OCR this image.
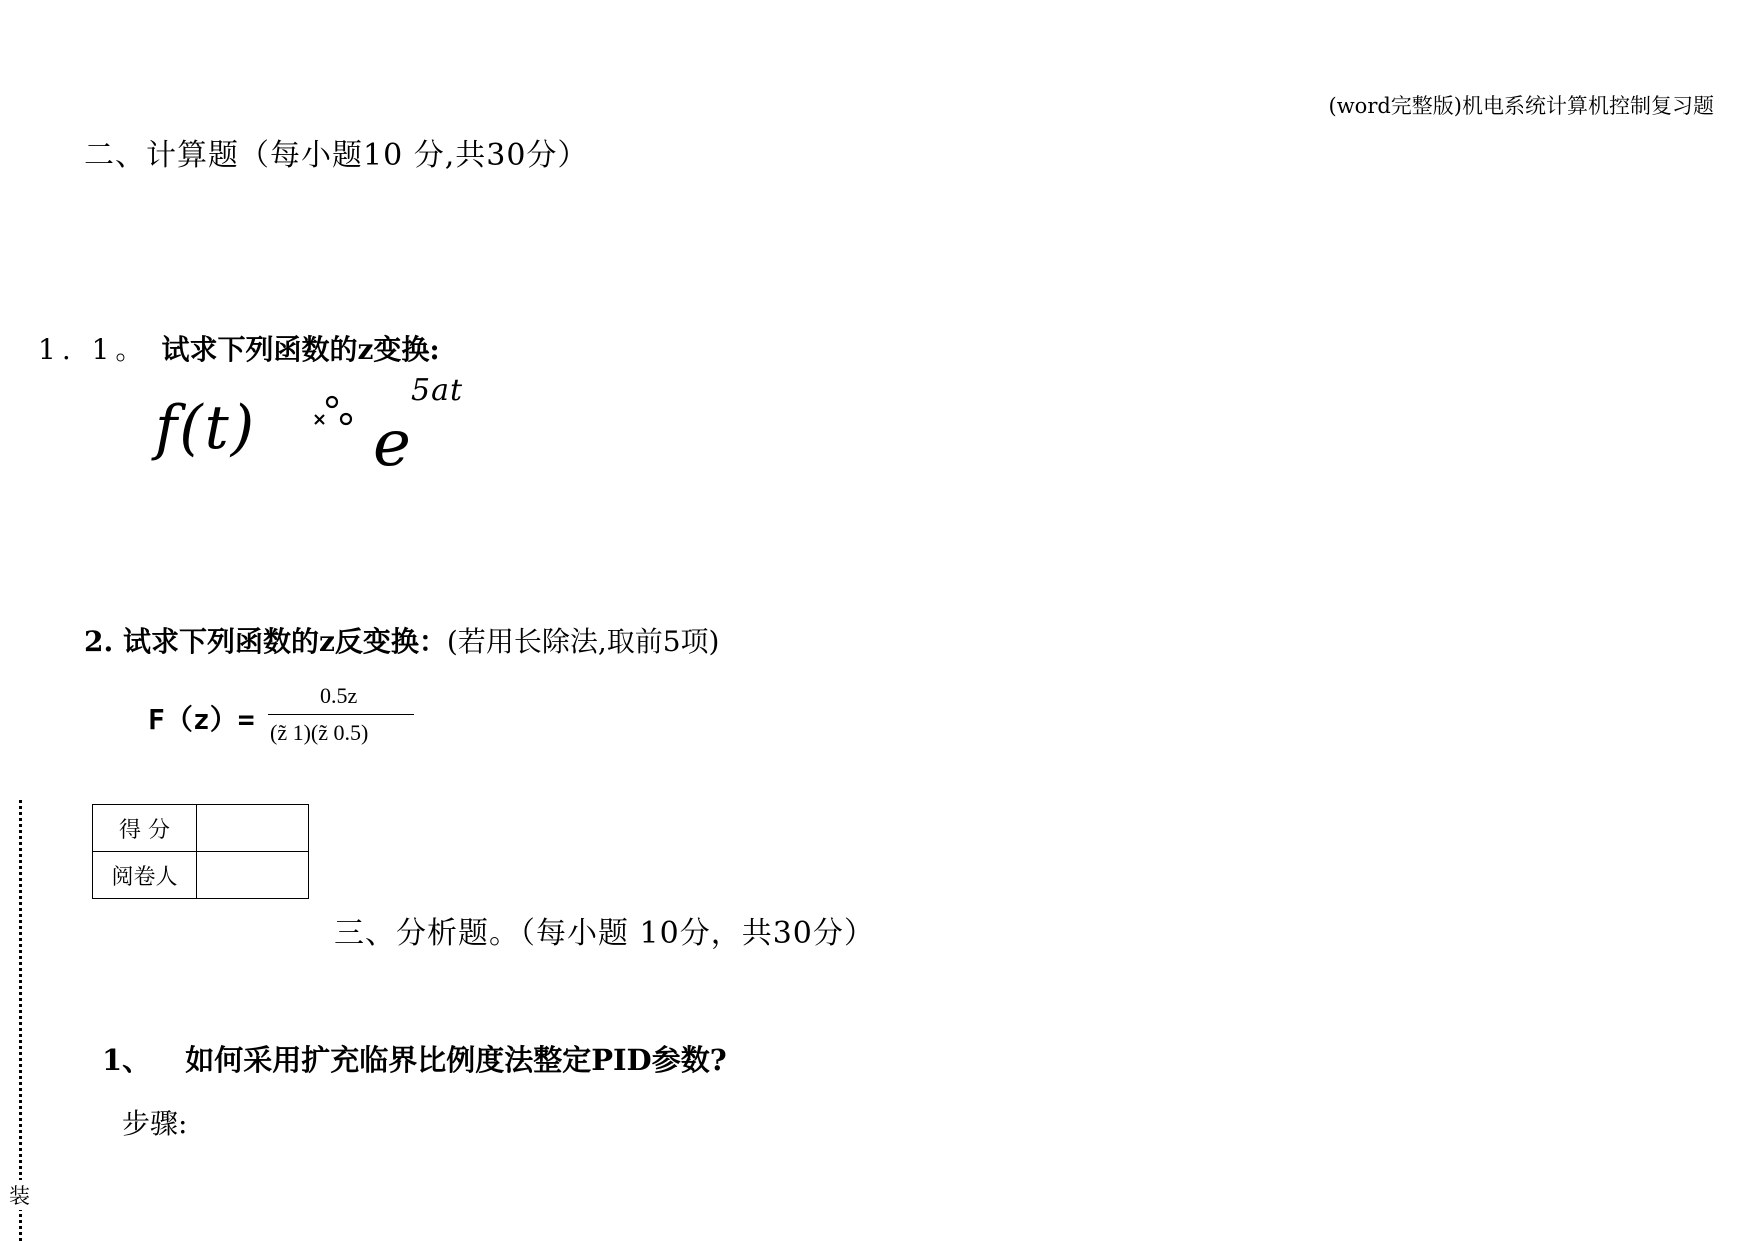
(word完整版)机电系统计算机控制复习题
二、计算题（每小题10 分,共30分）
1. 1。 试求下列函数的z变换:
f(t) e
5at
2. 试求下列函数的z反变换：(若用长除法,取前5项)
F（z）=
0.5z
(z̃ 1)(z̃ 0.5)
得 分	
阅卷人	
三、分析题。（每小题 10分，共30分）
1、 如何采用扩充临界比例度法整定PID参数?
步骤:
装
